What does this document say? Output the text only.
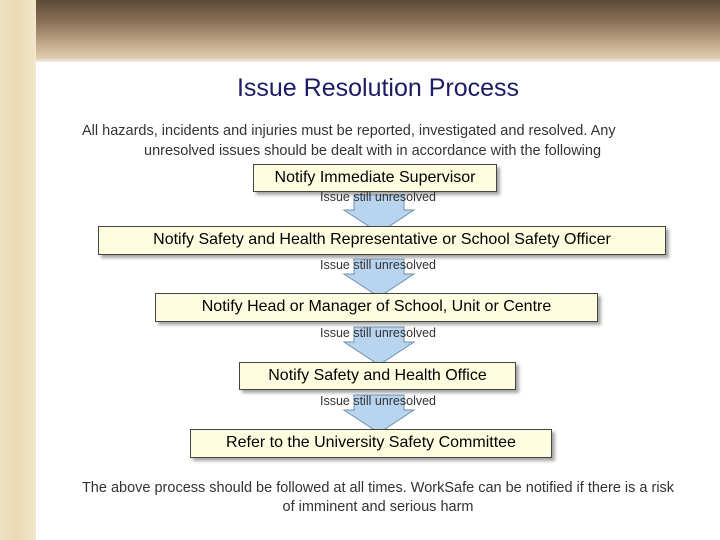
Issue Resolution Process
All hazards, incidents and injuries must be reported, investigated and resolved. Any
unresolved issues should be dealt with in accordance with the following
Notify Immediate Supervisor
Issue still unresolved
Notify Safety and Health Representative or School Safety Officer
Issue still unresolved
Notify Head or Manager of School, Unit or Centre
Issue still unresolved
Notify Safety and Health Office
Issue still unresolved
Refer to the University Safety Committee
The above process should be followed at all times. WorkSafe can be notified if there is a risk
of imminent and serious harm
